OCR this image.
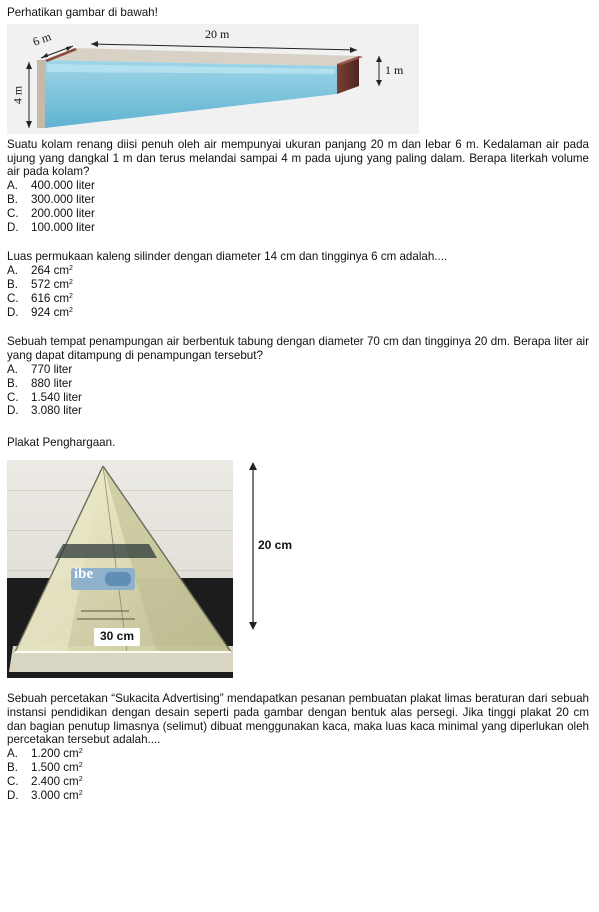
Perhatikan gambar di bawah!

6 m	20 m
1 m
4 m

Suatu kolam renang diisi penuh oleh air mempunyai ukuran panjang 20 m dan lebar 6 m. Kedalaman air pada ujung yang dangkal 1 m dan terus melandai sampai 4 m pada ujung yang paling dalam. Berapa literkah volume air pada kolam?

A.	400.000 liter
B.	300.000 liter
C.	200.000 liter
D.	100.000 liter

Luas permukaan kaleng silinder dengan diameter 14 cm dan tingginya 6 cm adalah....

A.	264 $cm^2$
B.	572 $cm^2$
C.	616 $cm^2$
D.	924 $cm^2$

Sebuah tempat penampungan air berbentuk tabung dengan diameter 70 cm dan tingginya 20 dm. Berapa liter air yang dapat ditampung di penampungan tersebut?

A.	770 liter
B.	880 liter
C.	1.540 liter
D.	3.080 liter

Plakat Penghargaan.

ibe
20 cm
30 cm

Sebuah percetakan “Sukacita Advertising” mendapatkan pesanan pembuatan plakat limas beraturan dari sebuah instansi pendidikan dengan desain seperti pada gambar dengan bentuk alas persegi. Jika tinggi plakat 20 cm dan bagian penutup limasnya (selimut) dibuat menggunakan kaca, maka luas kaca minimal yang diperlukan oleh percetakan tersebut adalah....

A.	1.200 $cm^2$
B.	1.500 $cm^2$
C.	2.400 $cm^2$
D.	3.000 $cm^2$
